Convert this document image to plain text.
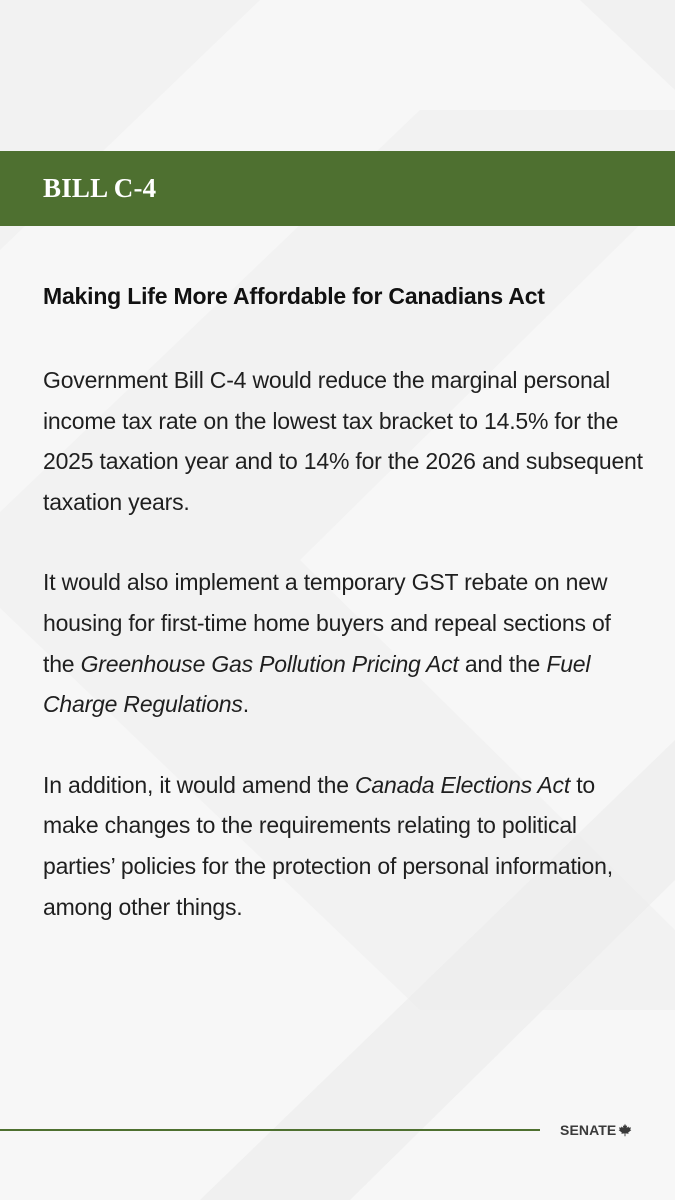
BILL C-4
Making Life More Affordable for Canadians Act

Government Bill C-4 would reduce the marginal personal income tax rate on the lowest tax bracket to 14.5% for the 2025 taxation year and to 14% for the 2026 and subsequent taxation years.

It would also implement a temporary GST rebate on new housing for first-time home buyers and repeal sections of the Greenhouse Gas Pollution Pricing Act and the Fuel Charge Regulations.

In addition, it would amend the Canada Elections Act to make changes to the requirements relating to political parties’ policies for the protection of personal information, among other things.

SENATE
